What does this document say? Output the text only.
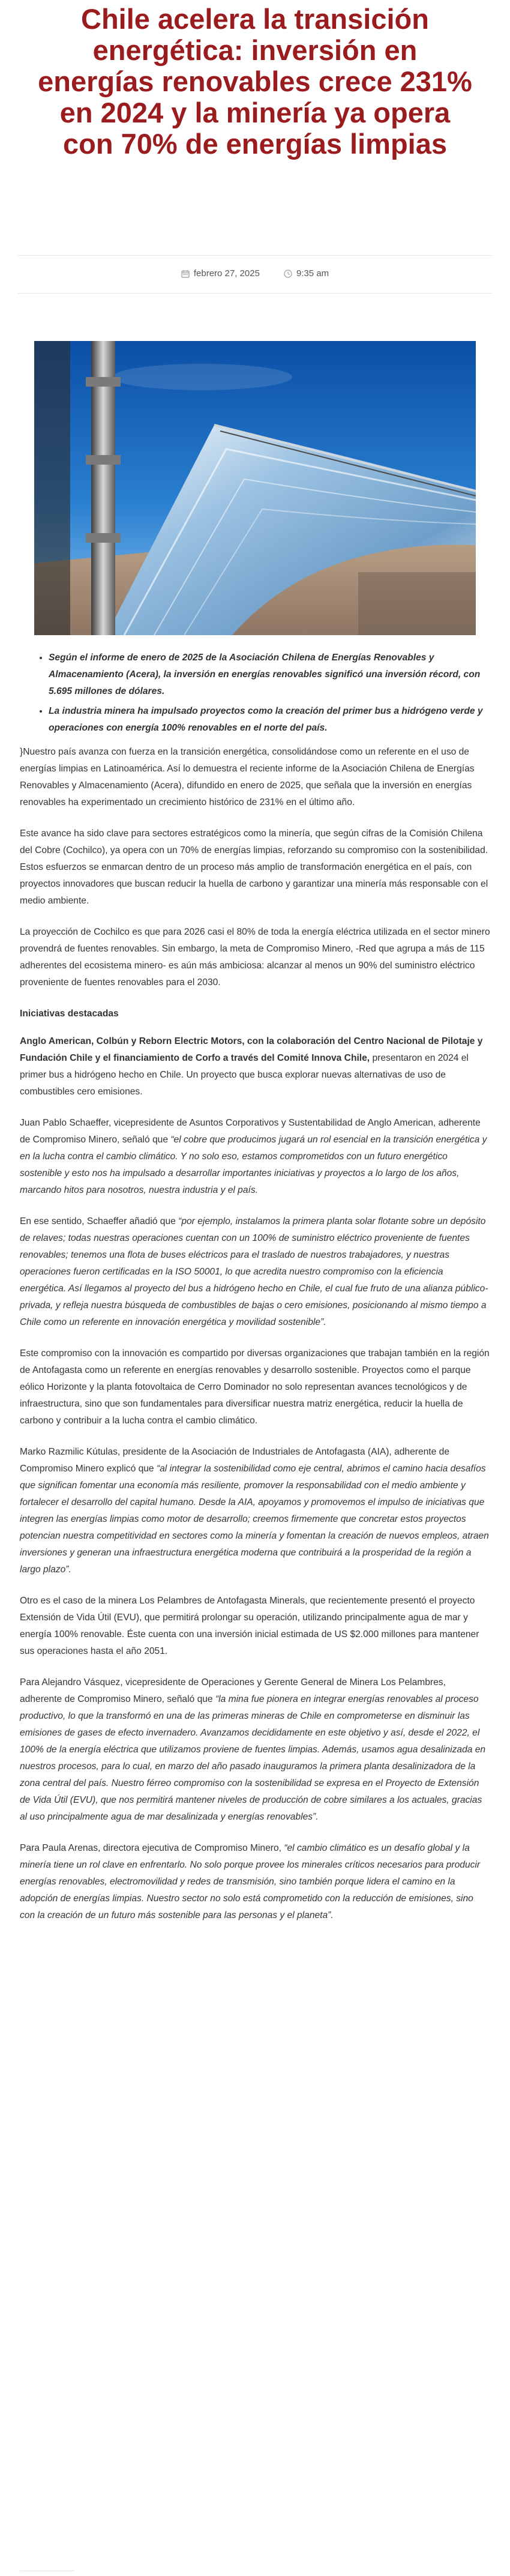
Chile acelera la transición energética: inversión en energías renovables crece 231% en 2024 y la minería ya opera con 70% de energías limpias
febrero 27, 2025	9:35 am
• Según el informe de enero de 2025 de la Asociación Chilena de Energías Renovables y Almacenamiento (Acera), la inversión en energías renovables significó una inversión récord, con 5.695 millones de dólares.
• La industria minera ha impulsado proyectos como la creación del primer bus a hidrógeno verde y operaciones con energía 100% renovables en el norte del país.

}Nuestro país avanza con fuerza en la transición energética, consolidándose como un referente en el uso de energías limpias en Latinoamérica. Así lo demuestra el reciente informe de la Asociación Chilena de Energías Renovables y Almacenamiento (Acera), difundido en enero de 2025, que señala que la inversión en energías renovables ha experimentado un crecimiento histórico de 231% en el último año.

Este avance ha sido clave para sectores estratégicos como la minería, que según cifras de la Comisión Chilena del Cobre (Cochilco), ya opera con un 70% de energías limpias, reforzando su compromiso con la sostenibilidad. Estos esfuerzos se enmarcan dentro de un proceso más amplio de transformación energética en el país, con proyectos innovadores que buscan reducir la huella de carbono y garantizar una minería más responsable con el medio ambiente.

La proyección de Cochilco es que para 2026 casi el 80% de toda la energía eléctrica utilizada en el sector minero provendrá de fuentes renovables. Sin embargo, la meta de Compromiso Minero, -Red que agrupa a más de 115 adherentes del ecosistema minero- es aún más ambiciosa: alcanzar al menos un 90% del suministro eléctrico proveniente de fuentes renovables para el 2030.

Iniciativas destacadas

Anglo American, Colbún y Reborn Electric Motors, con la colaboración del Centro Nacional de Pilotaje y Fundación Chile y el financiamiento de Corfo a través del Comité Innova Chile, presentaron en 2024 el primer bus a hidrógeno hecho en Chile. Un proyecto que busca explorar nuevas alternativas de uso de combustibles cero emisiones.

Juan Pablo Schaeffer, vicepresidente de Asuntos Corporativos y Sustentabilidad de Anglo American, adherente de Compromiso Minero, señaló que “el cobre que producimos jugará un rol esencial en la transición energética y en la lucha contra el cambio climático. Y no solo eso, estamos comprometidos con un futuro energético sostenible y esto nos ha impulsado a desarrollar importantes iniciativas y proyectos a lo largo de los años, marcando hitos para nosotros, nuestra industria y el país.

En ese sentido, Schaeffer añadió que “por ejemplo, instalamos la primera planta solar flotante sobre un depósito de relaves; todas nuestras operaciones cuentan con un 100% de suministro eléctrico proveniente de fuentes renovables; tenemos una flota de buses eléctricos para el traslado de nuestros trabajadores, y nuestras operaciones fueron certificadas en la ISO 50001, lo que acredita nuestro compromiso con la eficiencia energética. Así llegamos al proyecto del bus a hidrógeno hecho en Chile, el cual fue fruto de una alianza público-privada, y refleja nuestra búsqueda de combustibles de bajas o cero emisiones, posicionando al mismo tiempo a Chile como un referente en innovación energética y movilidad sostenible”.

Este compromiso con la innovación es compartido por diversas organizaciones que trabajan también en la región de Antofagasta como un referente en energías renovables y desarrollo sostenible. Proyectos como el parque eólico Horizonte y la planta fotovoltaica de Cerro Dominador no solo representan avances tecnológicos y de infraestructura, sino que son fundamentales para diversificar nuestra matriz energética, reducir la huella de carbono y contribuir a la lucha contra el cambio climático.

Marko Razmilic Kútulas, presidente de la Asociación de Industriales de Antofagasta (AIA), adherente de Compromiso Minero explicó que “al integrar la sostenibilidad como eje central, abrimos el camino hacia desafíos que significan fomentar una economía más resiliente, promover la responsabilidad con el medio ambiente y fortalecer el desarrollo del capital humano. Desde la AIA, apoyamos y promovemos el impulso de iniciativas que integren las energías limpias como motor de desarrollo; creemos firmemente que concretar estos proyectos potencian nuestra competitividad en sectores como la minería y fomentan la creación de nuevos empleos, atraen inversiones y generan una infraestructura energética moderna que contribuirá a la prosperidad de la región a largo plazo”.

Otro es el caso de la minera Los Pelambres de Antofagasta Minerals, que recientemente presentó el proyecto Extensión de Vida Útil (EVU), que permitirá prolongar su operación, utilizando principalmente agua de mar y energía 100% renovable. Éste cuenta con una inversión inicial estimada de US $2.000 millones para mantener sus operaciones hasta el año 2051.

Para Alejandro Vásquez, vicepresidente de Operaciones y Gerente General de Minera Los Pelambres, adherente de Compromiso Minero, señaló que “la mina fue pionera en integrar energías renovables al proceso productivo, lo que la transformó en una de las primeras mineras de Chile en comprometerse en disminuir las emisiones de gases de efecto invernadero. Avanzamos decididamente en este objetivo y así, desde el 2022, el 100% de la energía eléctrica que utilizamos proviene de fuentes limpias. Además, usamos agua desalinizada en nuestros procesos, para lo cual, en marzo del año pasado inauguramos la primera planta desalinizadora de la zona central del país. Nuestro férreo compromiso con la sostenibilidad se expresa en el Proyecto de Extensión de Vida Útil (EVU), que nos permitirá mantener niveles de producción de cobre similares a los actuales, gracias al uso principalmente agua de mar desalinizada y energías renovables”.

Para Paula Arenas, directora ejecutiva de Compromiso Minero, “el cambio climático es un desafío global y la minería tiene un rol clave en enfrentarlo. No solo porque provee los minerales críticos necesarios para producir energías renovables, electromovilidad y redes de transmisión, sino también porque lidera el camino en la adopción de energías limpias. Nuestro sector no solo está comprometido con la reducción de emisiones, sino con la creación de un futuro más sostenible para las personas y el planeta”.
